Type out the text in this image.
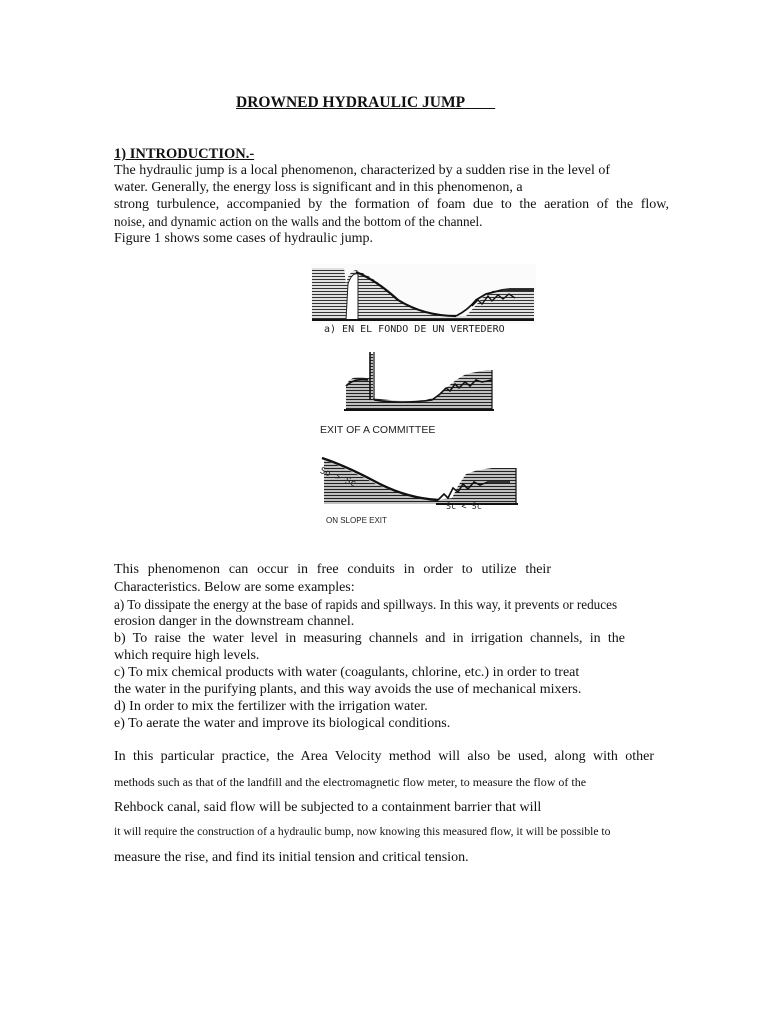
DROWNED HYDRAULIC JUMP
1) INTRODUCTION.-
The hydraulic jump is a local phenomenon, characterized by a sudden rise in the level of
water. Generally, the energy loss is significant and in this phenomenon, a
strong turbulence, accompanied by the formation of foam due to the aeration of the flow,
noise, and dynamic action on the walls and the bottom of the channel.
Figure 1 shows some cases of hydraulic jump.
a) EN EL FONDO DE UN VERTEDERO
EXIT OF A COMMITTEE
So > Sc
Sc < Sc
ON SLOPE EXIT
This phenomenon can occur in free conduits in order to utilize their
Characteristics. Below are some examples:
a) To dissipate the energy at the base of rapids and spillways. In this way, it prevents or reduces
erosion danger in the downstream channel.
b) To raise the water level in measuring channels and in irrigation channels, in the
which require high levels.
c) To mix chemical products with water (coagulants, chlorine, etc.) in order to treat
the water in the purifying plants, and this way avoids the use of mechanical mixers.
d) In order to mix the fertilizer with the irrigation water.
e) To aerate the water and improve its biological conditions.
In this particular practice, the Area Velocity method will also be used, along with other
methods such as that of the landfill and the electromagnetic flow meter, to measure the flow of the
Rehbock canal, said flow will be subjected to a containment barrier that will
it will require the construction of a hydraulic bump, now knowing this measured flow, it will be possible to
measure the rise, and find its initial tension and critical tension.
